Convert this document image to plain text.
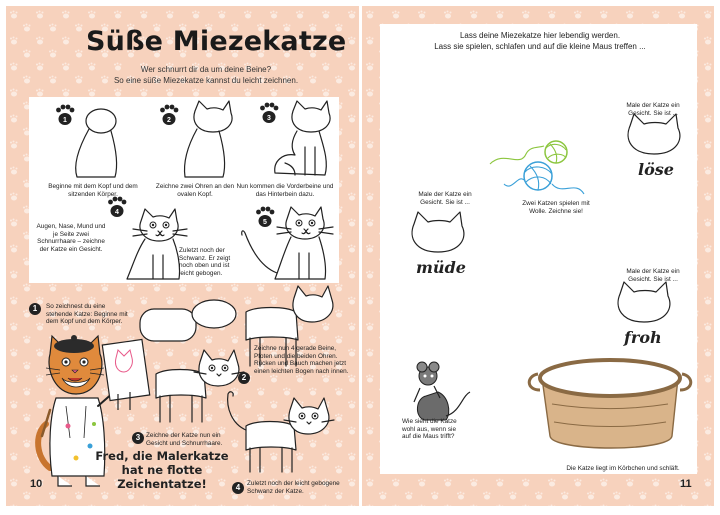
Süße Miezekatze
Wer schnurrt dir da um deine Beine?
So eine süße Miezekatze kannst du leicht zeichnen.
1	2	3
4
5
Beginne mit dem Kopf und dem sitzenden Körper.
Zeichne zwei Ohren an den ovalen Kopf.
Nun kommen die Vorderbeine und das Hinterbein dazu.
Augen, Nase, Mund und je Seite zwei Schnurrhaare – zeichne der Katze ein Gesicht.	Zuletzt noch der Schwanz. Er zeigt noch oben und ist leicht gebogen.
1	So zeichnest du eine stehende Katze: Beginne mit dem Kopf und dem Körper.
2
Zeichne nun 4 gerade Beine, Pfoten und die beiden Ohren. Rücken und Bauch machen jetzt einen leichten Bogen nach innen.
3 Zeichne der Katze nun ein Gesicht und Schnurrhaare.
4	Zuletzt noch der leicht gebogene Schwanz der Katze.
Fred, die Malerkatze
hat ne flotte Zeichentatze!
10
Lass deine Miezekatze hier lebendig werden.
Lass sie spielen, schlafen und auf die kleine Maus treffen ...
Male der Katze ein Gesicht. Sie ist ...
löse
Zwei Katzen spielen mit Wolle. Zeichne sie!
Male der Katze ein Gesicht. Sie ist ...
müde	Male der Katze ein Gesicht. Sie ist ...
froh
Wie sieht die Katze wohl aus, wenn sie auf die Maus trifft?
Die Katze liegt im Körbchen und schläft.
11
